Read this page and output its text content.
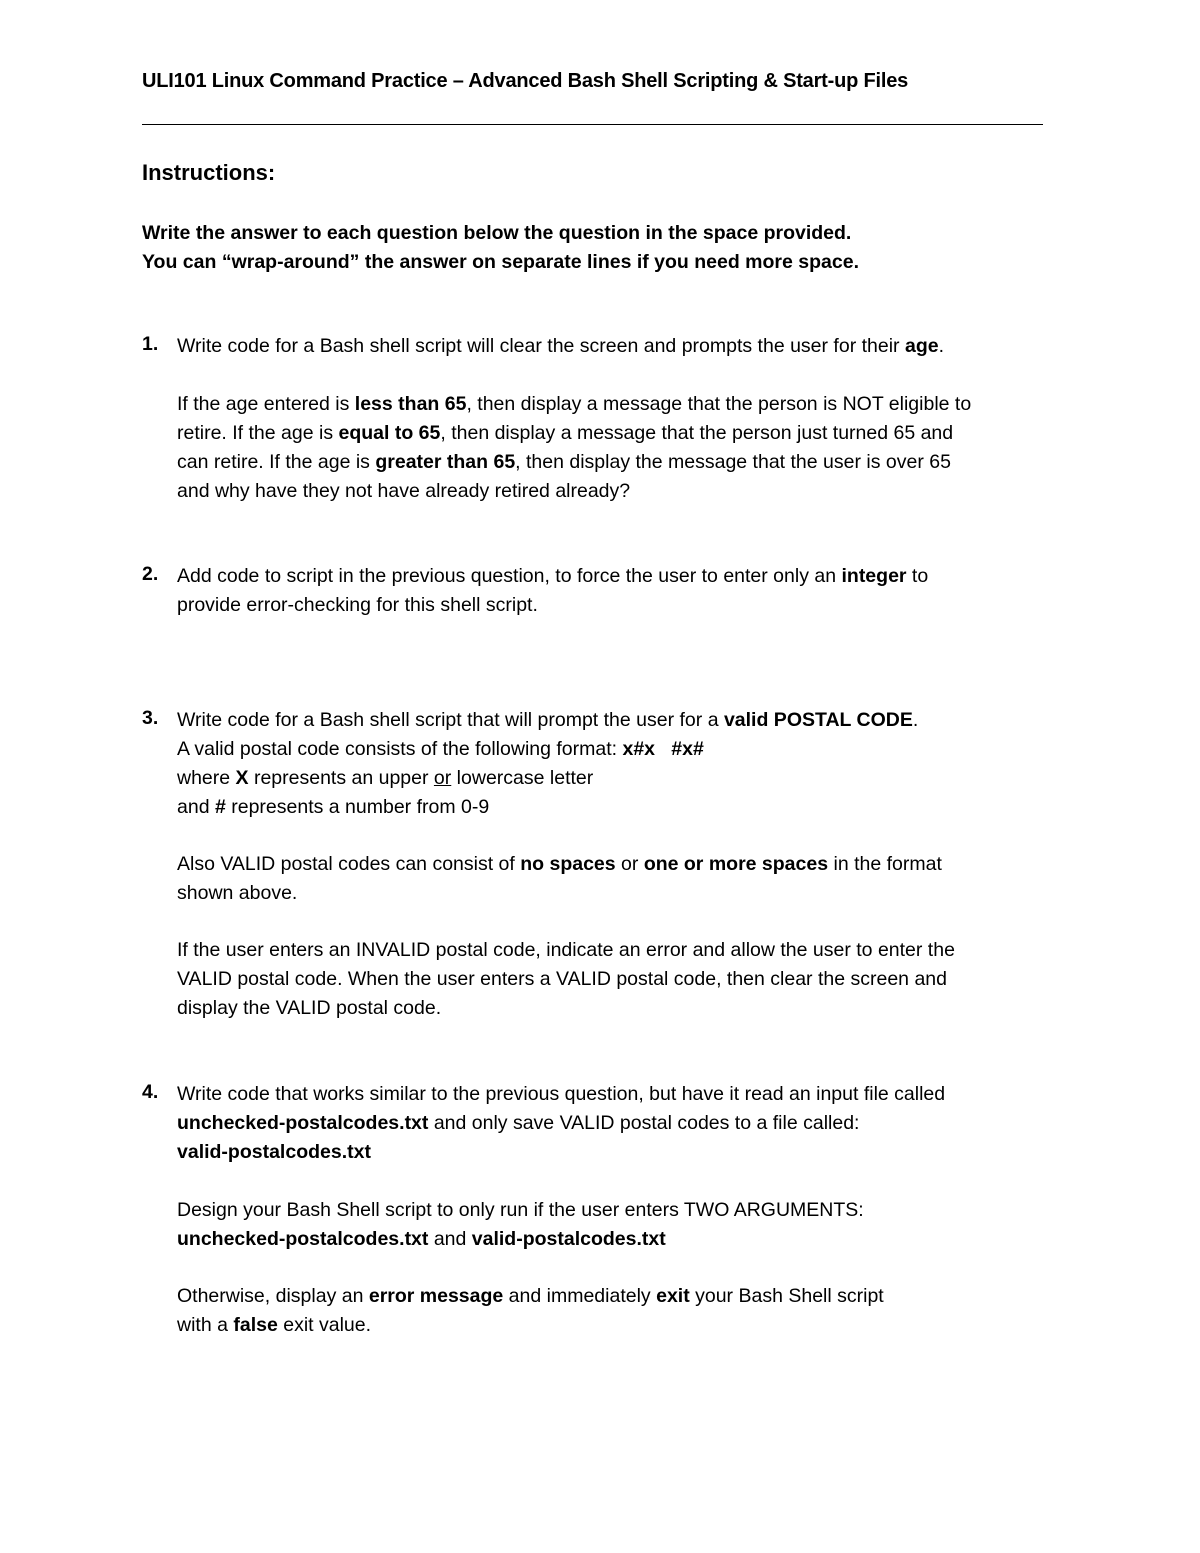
ULI101 Linux Command Practice – Advanced Bash Shell Scripting & Start-up Files
Instructions:
Write the answer to each question below the question in the space provided.
You can “wrap-around” the answer on separate lines if you need more space.
1. Write code for a Bash shell script will clear the screen and prompts the user for their age.
If the age entered is less than 65, then display a message that the person is NOT eligible to
retire. If the age is equal to 65, then display a message that the person just turned 65 and
can retire. If the age is greater than 65, then display the message that the user is over 65
and why have they not have already retired already?
2. Add code to script in the previous question, to force the user to enter only an integer to
provide error-checking for this shell script.
3. Write code for a Bash shell script that will prompt the user for a valid POSTAL CODE.
A valid postal code consists of the following format: x#x   #x#
where X represents an upper or lowercase letter
and # represents a number from 0-9
Also VALID postal codes can consist of no spaces or one or more spaces in the format
shown above.
If the user enters an INVALID postal code, indicate an error and allow the user to enter the
VALID postal code. When the user enters a VALID postal code, then clear the screen and
display the VALID postal code.
4. Write code that works similar to the previous question, but have it read an input file called
unchecked-postalcodes.txt and only save VALID postal codes to a file called:
valid-postalcodes.txt
Design your Bash Shell script to only run if the user enters TWO ARGUMENTS:
unchecked-postalcodes.txt and valid-postalcodes.txt
Otherwise, display an error message and immediately exit your Bash Shell script
with a false exit value.
